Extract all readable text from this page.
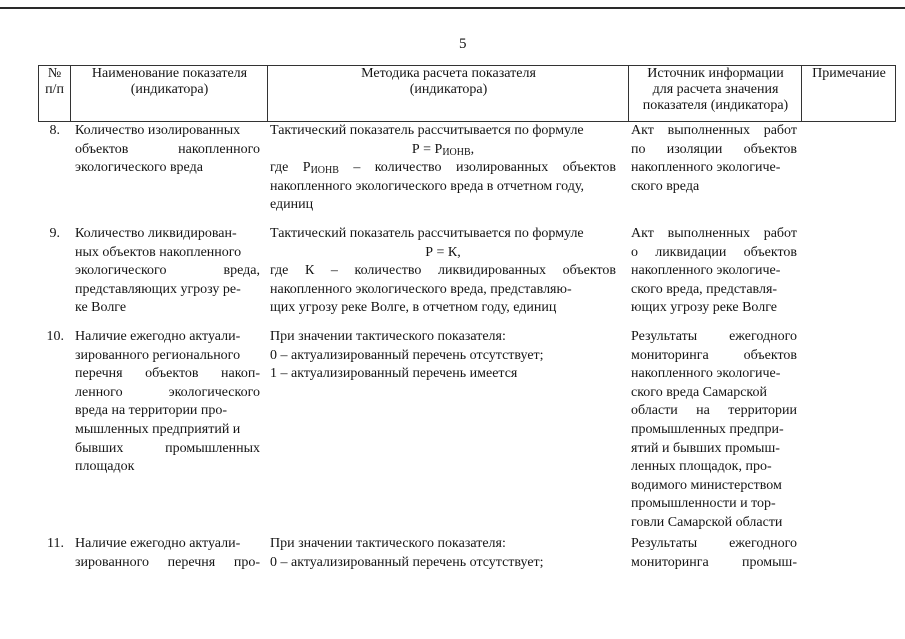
5
№
п/п
Наименование показателя
(индикатора)
Методика расчета показателя
(индикатора)
Источник информации
для расчета значения
показателя (индикатора)
Примечание
8. Количество изолированных
объектов накопленного
экологического вреда
Тактический показатель рассчитывается по формуле
$Р = Р_{ИОНВ}$,
где $Р_{ИОНВ}$ – количество изолированных объектов
накопленного экологического вреда в отчетном году,
единиц
Акт выполненных работ
по изоляции объектов
накопленного экологиче-
ского вреда
9. Количество ликвидирован-
ных объектов накопленного
экологического вреда,
представляющих угрозу ре-
ке Волге
Тактический показатель рассчитывается по формуле
Р = К,
где К – количество ликвидированных объектов
накопленного экологического вреда, представляю-
щих угрозу реке Волге, в отчетном году, единиц
Акт выполненных работ
о ликвидации объектов
накопленного экологиче-
ского вреда, представля-
ющих угрозу реке Волге
10. Наличие ежегодно актуали-
зированного регионального
перечня объектов накоп-
ленного экологического
вреда на территории про-
мышленных предприятий и
бывших промышленных
площадок
При значении тактического показателя:
0 – актуализированный перечень отсутствует;
1 – актуализированный перечень имеется
Результаты ежегодного
мониторинга объектов
накопленного экологиче-
ского вреда Самарской
области на территории
промышленных предпри-
ятий и бывших промыш-
ленных площадок, про-
водимого министерством
промышленности и тор-
говли Самарской области
11. Наличие ежегодно актуали-
зированного перечня про-
При значении тактического показателя:
0 – актуализированный перечень отсутствует;
Результаты ежегодного
мониторинга промыш-
